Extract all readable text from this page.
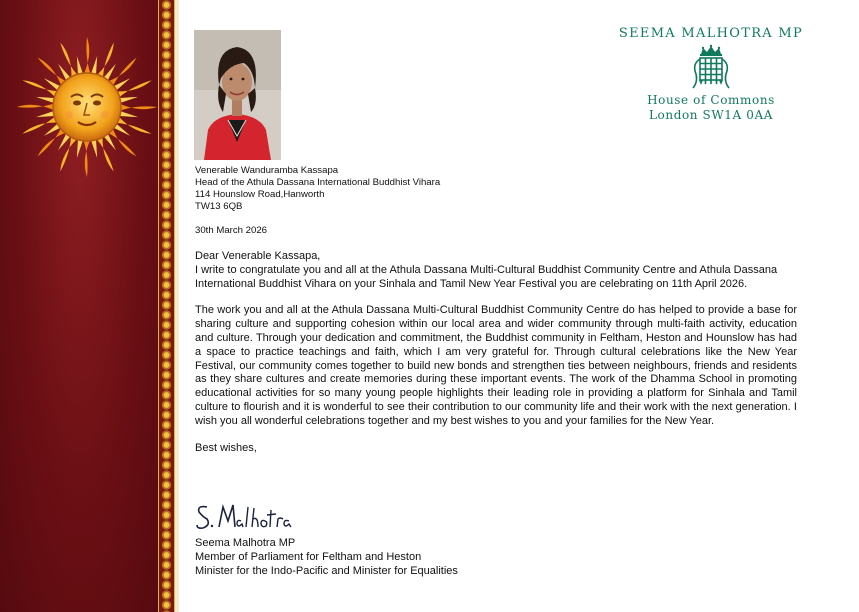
SEEMA MALHOTRA MP
House of Commons
London SW1A 0AA
Venerable Wanduramba Kassapa
Head of the Athula Dassana International Buddhist Vihara
114 Hounslow Road,Hanworth
TW13 6QB
30th March 2026

Dear Venerable Kassapa,
I write to congratulate you and all at the Athula Dassana Multi-Cultural Buddhist Community Centre and Athula Dassana International Buddhist Vihara on your Sinhala and Tamil New Year Festival you are celebrating on 11th April 2026.

The work you and all at the Athula Dassana Multi-Cultural Buddhist Community Centre do has helped to provide a base for sharing culture and supporting cohesion within our local area and wider community through multi-faith activity, education and culture. Through your dedication and commitment, the Buddhist community in Feltham, Heston and Hounslow has had a space to practice teachings and faith, which I am very grateful for. Through cultural celebrations like the New Year Festival, our community comes together to build new bonds and strengthen ties between neighbours, friends and residents as they share cultures and create memories during these important events. The work of the Dhamma School in promoting educational activities for so many young people highlights their leading role in providing a platform for Sinhala and Tamil culture to flourish and it is wonderful to see their contribution to our community life and their work with the next generation. I wish you all wonderful celebrations together and my best wishes to you and your families for the New Year.

Best wishes,

Seema Malhotra MP
Member of Parliament for Feltham and Heston
Minister for the Indo-Pacific and Minister for Equalities
